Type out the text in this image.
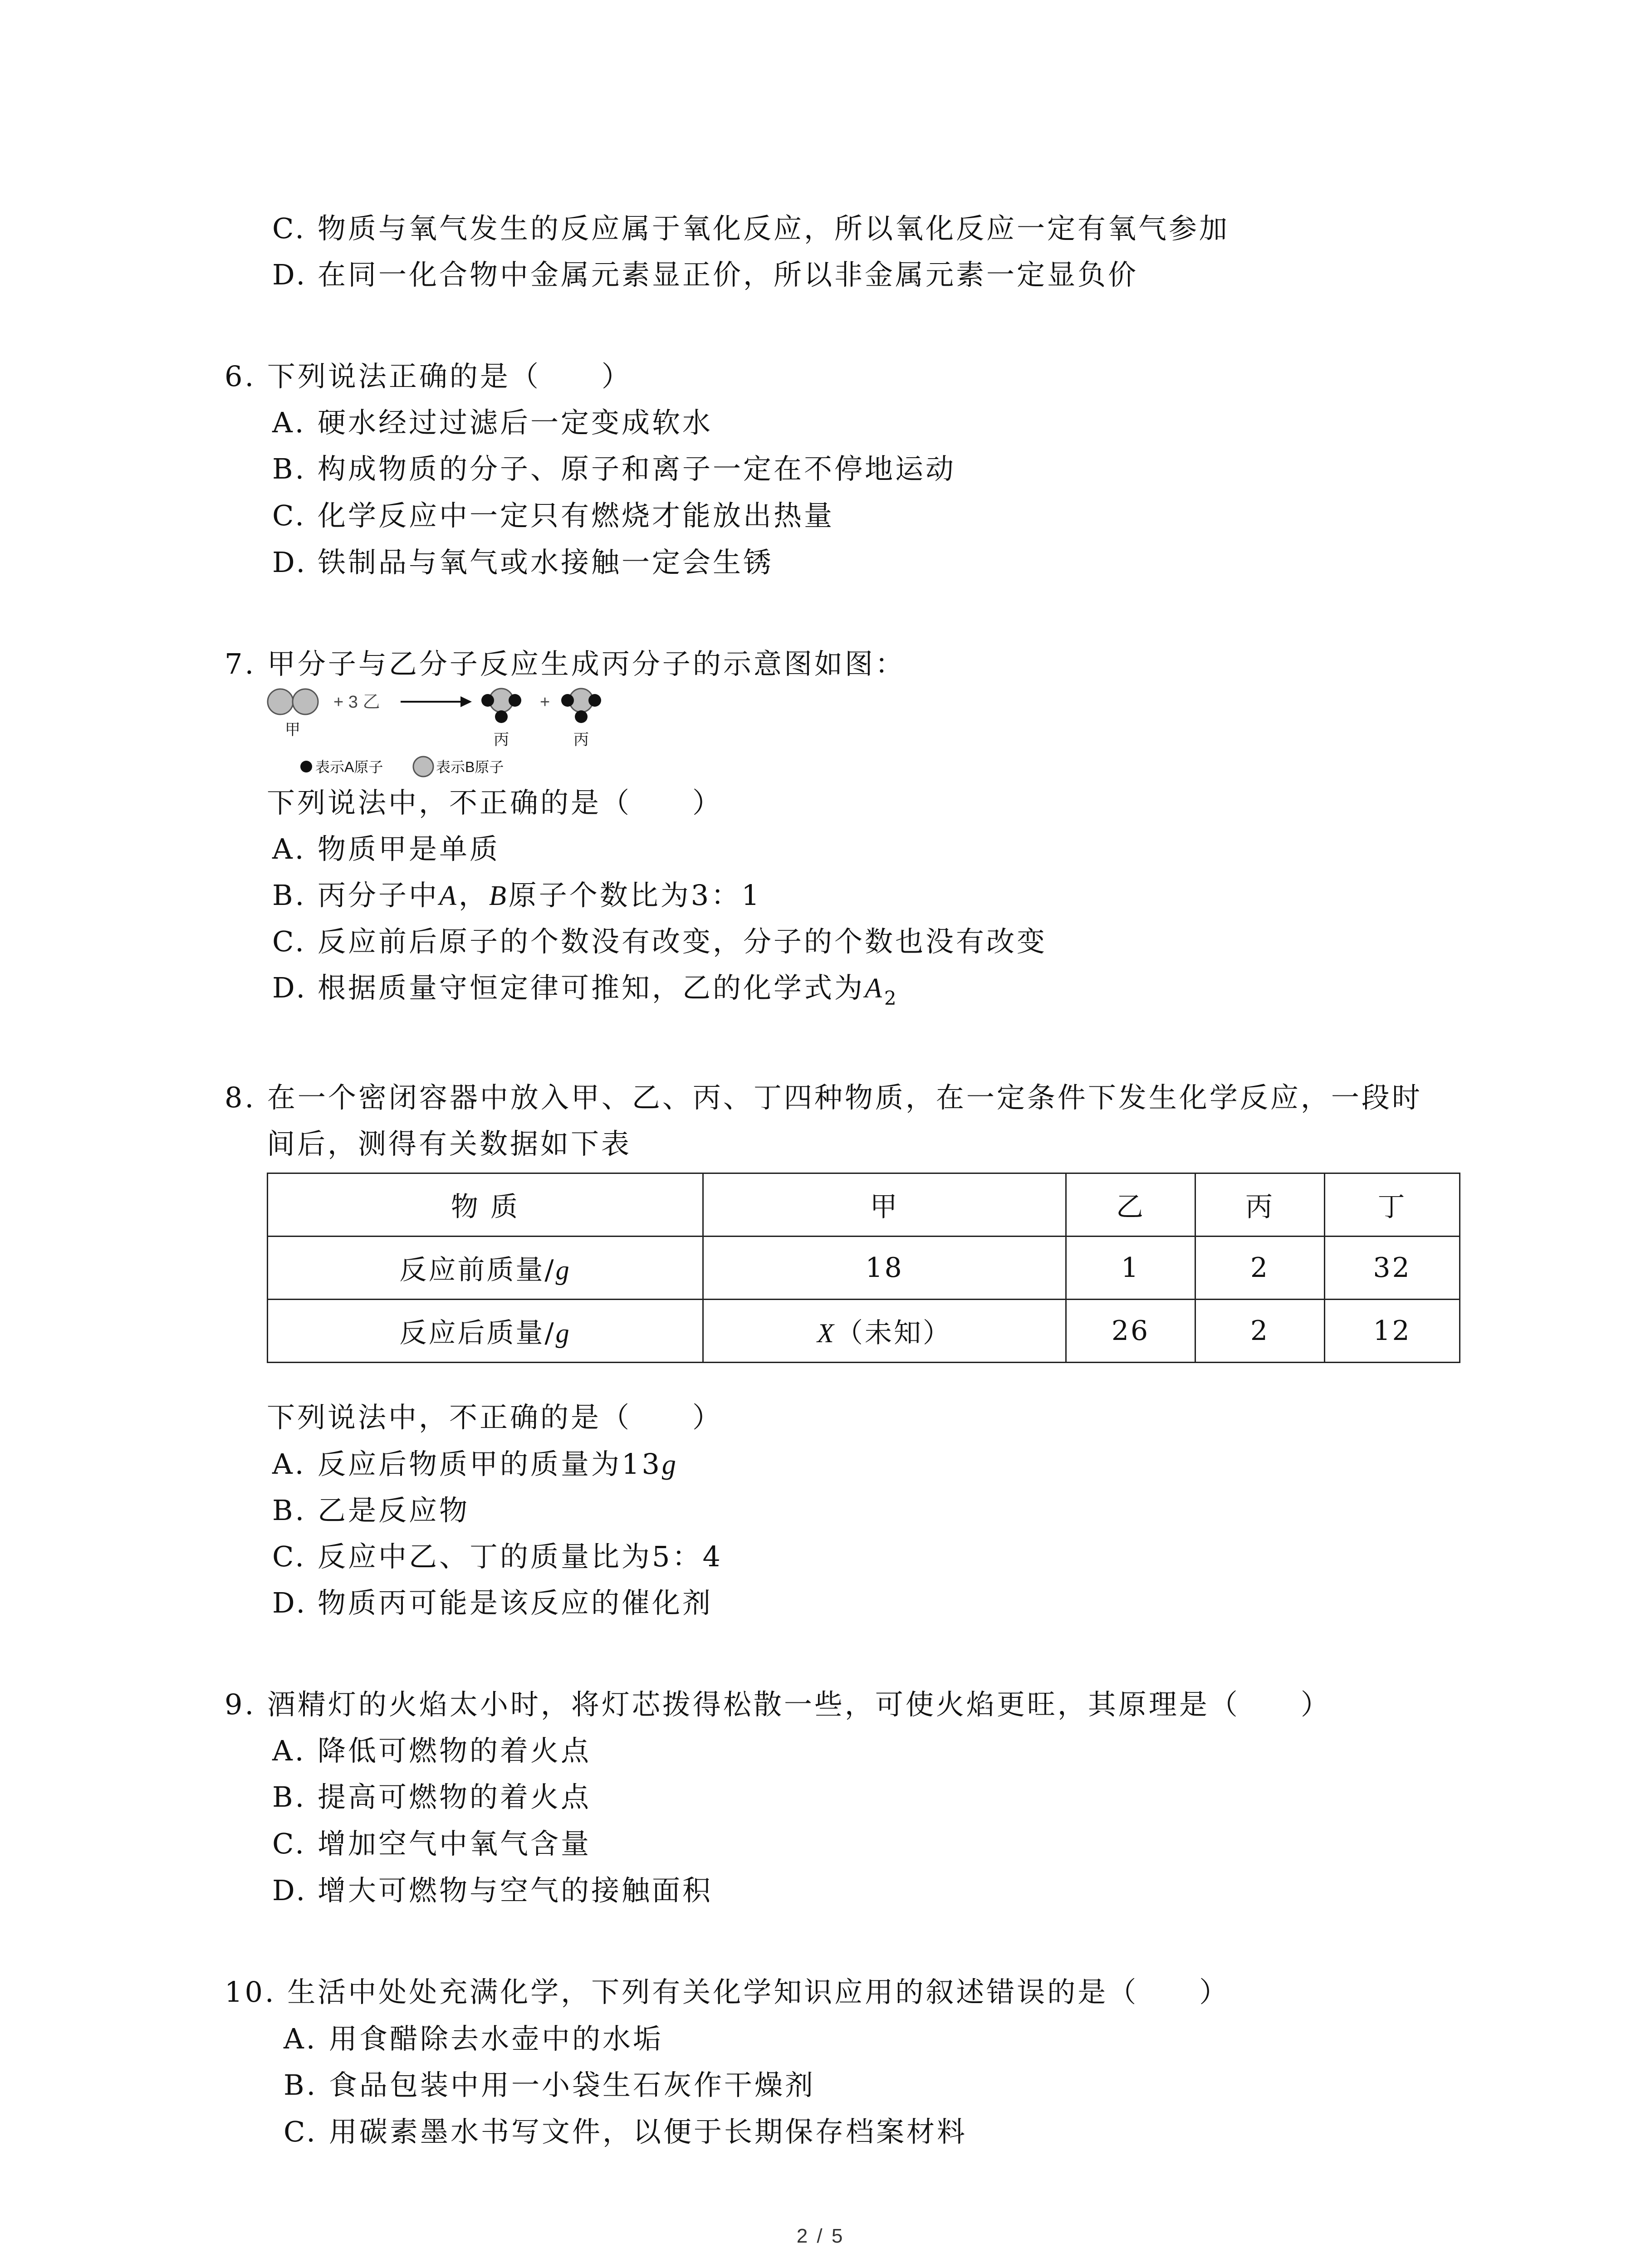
C. 物质与氧气发生的反应属于氧化反应，所以氧化反应一定有氧气参加
D. 在同一化合物中金属元素显正价，所以非金属元素一定显负价
6. 下列说法正确的是（　　）
A. 硬水经过过滤后一定变成软水
B. 构成物质的分子、原子和离子一定在不停地运动
C. 化学反应中一定只有燃烧才能放出热量
D. 铁制品与氧气或水接触一定会生锈
7. 甲分子与乙分子反应生成丙分子的示意图如图：
甲
+ 3 乙
丙
+
丙
表示A原子	表示B原子
下列说法中，不正确的是（　　）
A. 物质甲是单质
B. 丙分子中A，B原子个数比为3：1
C. 反应前后原子的个数没有改变，分子的个数也没有改变
D. 根据质量守恒定律可推知，乙的化学式为$A_2$
8. 在一个密闭容器中放入甲、乙、丙、丁四种物质，在一定条件下发生化学反应，一段时
间后，测得有关数据如下表
物 质	甲	乙	丙	丁
反应前质量/g	18	1	2	32
反应后质量/g	X（未知）	26	2	12
下列说法中，不正确的是（　　）
A. 反应后物质甲的质量为13g
B. 乙是反应物
C. 反应中乙、丁的质量比为5：4
D. 物质丙可能是该反应的催化剂
9. 酒精灯的火焰太小时，将灯芯拨得松散一些，可使火焰更旺，其原理是（　　）
A. 降低可燃物的着火点
B. 提高可燃物的着火点
C. 增加空气中氧气含量
D. 增大可燃物与空气的接触面积
10. 生活中处处充满化学，下列有关化学知识应用的叙述错误的是（　　）
A. 用食醋除去水壶中的水垢
B. 食品包装中用一小袋生石灰作干燥剂
C. 用碳素墨水书写文件，以便于长期保存档案材料
2 / 5
